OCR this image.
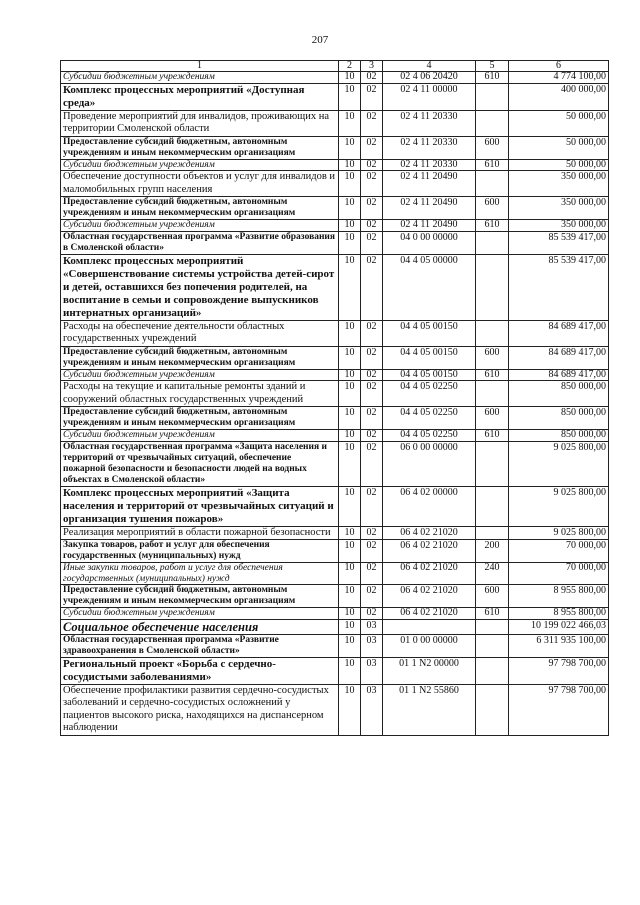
207
1	2	3	4	5	6
Субсидии бюджетным учреждениям	10	02	02 4 06 20420	610	4 774 100,00
Комплекс процессных мероприятий «Доступная среда»	10	02	02 4 11 00000		400 000,00
Проведение мероприятий для инвалидов, проживающих на территории Смоленской области	10	02	02 4 11 20330		50 000,00
Предоставление субсидий бюджетным, автономным учреждениям и иным некоммерческим организациям	10	02	02 4 11 20330	600	50 000,00
Субсидии бюджетным учреждениям	10	02	02 4 11 20330	610	50 000,00
Обеспечение доступности объектов и услуг для инвалидов и маломобильных групп населения	10	02	02 4 11 20490		350 000,00
Предоставление субсидий бюджетным, автономным учреждениям и иным некоммерческим организациям	10	02	02 4 11 20490	600	350 000,00
Субсидии бюджетным учреждениям	10	02	02 4 11 20490	610	350 000,00
Областная государственная программа «Развитие образования в Смоленской области»	10	02	04 0 00 00000		85 539 417,00
Комплекс процессных мероприятий «Совершенствование системы устройства детей-сирот и детей, оставшихся без попечения родителей, на воспитание в семьи и сопровождение выпускников интернатных организаций»	10	02	04 4 05 00000		85 539 417,00
Расходы на обеспечение деятельности областных государственных учреждений	10	02	04 4 05 00150		84 689 417,00
Предоставление субсидий бюджетным, автономным учреждениям и иным некоммерческим организациям	10	02	04 4 05 00150	600	84 689 417,00
Субсидии бюджетным учреждениям	10	02	04 4 05 00150	610	84 689 417,00
Расходы на текущие и капитальные ремонты зданий и сооружений областных государственных учреждений	10	02	04 4 05 02250		850 000,00
Предоставление субсидий бюджетным, автономным учреждениям и иным некоммерческим организациям	10	02	04 4 05 02250	600	850 000,00
Субсидии бюджетным учреждениям	10	02	04 4 05 02250	610	850 000,00
Областная государственная программа «Защита населения и территорий от чрезвычайных ситуаций, обеспечение пожарной безопасности и безопасности людей на водных объектах в Смоленской области»	10	02	06 0 00 00000		9 025 800,00
Комплекс процессных мероприятий «Защита населения и территорий от чрезвычайных ситуаций и организация тушения пожаров»	10	02	06 4 02 00000		9 025 800,00
Реализация мероприятий в области пожарной безопасности	10	02	06 4 02 21020		9 025 800,00
Закупка товаров, работ и услуг для обеспечения государственных (муниципальных) нужд	10	02	06 4 02 21020	200	70 000,00
Иные закупки товаров, работ и услуг для обеспечения государственных (муниципальных) нужд	10	02	06 4 02 21020	240	70 000,00
Предоставление субсидий бюджетным, автономным учреждениям и иным некоммерческим организациям	10	02	06 4 02 21020	600	8 955 800,00
Субсидии бюджетным учреждениям	10	02	06 4 02 21020	610	8 955 800,00
Социальное обеспечение населения	10	03			10 199 022 466,03
Областная государственная программа «Развитие здравоохранения в Смоленской области»	10	03	01 0 00 00000		6 311 935 100,00
Региональный проект «Борьба с сердечно-сосудистыми заболеваниями»	10	03	01 1 N2 00000		97 798 700,00
Обеспечение профилактики развития сердечно-сосудистых заболеваний и сердечно-сосудистых осложнений у пациентов высокого риска, находящихся на диспансерном наблюдении	10	03	01 1 N2 55860		97 798 700,00
